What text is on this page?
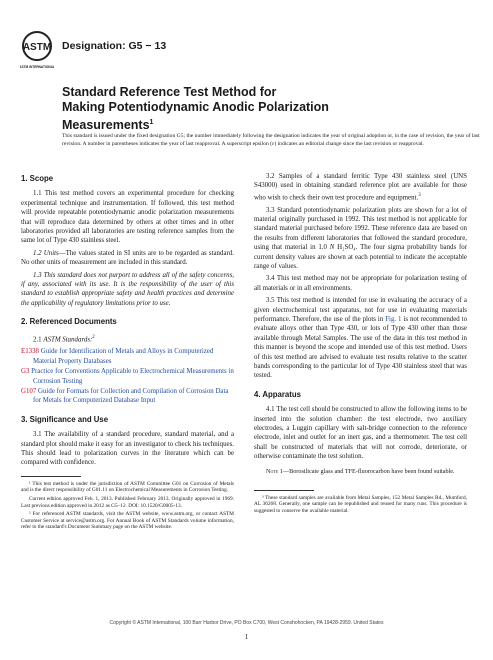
ASTM
ASTM INTERNATIONAL
Designation: G5 − 13
Standard Reference Test Method for
Making Potentiodynamic Anodic Polarization
Measurements$^1$
This standard is issued under the fixed designation G5; the number immediately following the designation indicates the year of original adoption or, in the case of revision, the year of last revision. A number in parentheses indicates the year of last reapproval. A superscript epsilon (ε) indicates an editorial change since the last revision or reapproval.
1. Scope
1.1 This test method covers an experimental procedure for checking experimental technique and instrumentation. If followed, this test method will provide repeatable potentiodynamic anodic polarization measurements that will reproduce data determined by others at other times and in other laboratories provided all laboratories are testing reference samples from the same lot of Type 430 stainless steel.
1.2 Units—The values stated in SI units are to be regarded as standard. No other units of measurement are included in this standard.
1.3 This standard does not purport to address all of the safety concerns, if any, associated with its use. It is the responsibility of the user of this standard to establish appropriate safety and health practices and determine the applicability of regulatory limitations prior to use.
2. Referenced Documents
2.1 ASTM Standards:$^2$
E1338 Guide for Identification of Metals and Alloys in Computerized Material Property Databases
G3 Practice for Conventions Applicable to Electrochemical Measurements in Corrosion Testing
G107 Guide for Formats for Collection and Compilation of Corrosion Data for Metals for Computerized Database Input
3. Significance and Use
3.1 The availability of a standard procedure, standard material, and a standard plot should make it easy for an investigator to check his techniques. This should lead to polarization curves in the literature which can be compared with confidence.
¹ This test method is under the jurisdiction of ASTM Committee G01 on Corrosion of Metals and is the direct responsibility of G01.11 on Electrochemical Measurements in Corrosion Testing.
Current edition approved Feb. 1, 2013. Published February 2013. Originally approved in 1969. Last previous edition approved in 2012 as G5–12. DOI: 10.1520/G0005-13.
² For referenced ASTM standards, visit the ASTM website, www.astm.org, or contact ASTM Customer Service at service@astm.org. For Annual Book of ASTM Standards volume information, refer to the standard's Document Summary page on the ASTM website.
3.2 Samples of a standard ferritic Type 430 stainless steel (UNS S43000) used in obtaining standard reference plot are available for those who wish to check their own test procedure and equipment.$^3$
3.3 Standard potentiodynamic polarization plots are shown for a lot of material originally purchased in 1992. This test method is not applicable for standard material purchased before 1992. These reference data are based on the results from different laboratories that followed the standard procedure, using that material in 1.0 N H₂SO₄. The four sigma probability bands for current density values are shown at each potential to indicate the acceptable range of values.
3.4 This test method may not be appropriate for polarization testing of all materials or in all environments.
3.5 This test method is intended for use in evaluating the accuracy of a given electrochemical test apparatus, not for use in evaluating materials performance. Therefore, the use of the plots in Fig. 1 is not recommended to evaluate alloys other than Type 430, or lots of Type 430 other than those available through Metal Samples. The use of the data in this test method in this manner is beyond the scope and intended use of this test method. Users of this test method are advised to evaluate test results relative to the scatter bands corresponding to the particular lot of Type 430 stainless steel that was tested.
4. Apparatus
4.1 The test cell should be constructed to allow the following items to be inserted into the solution chamber: the test electrode, two auxiliary electrodes, a Luggin capillary with salt-bridge connection to the reference electrode, inlet and outlet for an inert gas, and a thermometer. The test cell shall be constructed of materials that will not corrode, deteriorate, or otherwise contaminate the test solution.
Note 1—Borosilicate glass and TFE-fluorocarbon have been found suitable.
³ These standard samples are available from Metal Samples, 152 Metal Samples Rd., Mumford, AL 36268. Generally, one sample can be republished and reused for many runs. This procedure is suggested to conserve the available material.
Copyright © ASTM International, 100 Barr Harbor Drive, PO Box C700, West Conshohocken, PA 19428-2959. United States
1
